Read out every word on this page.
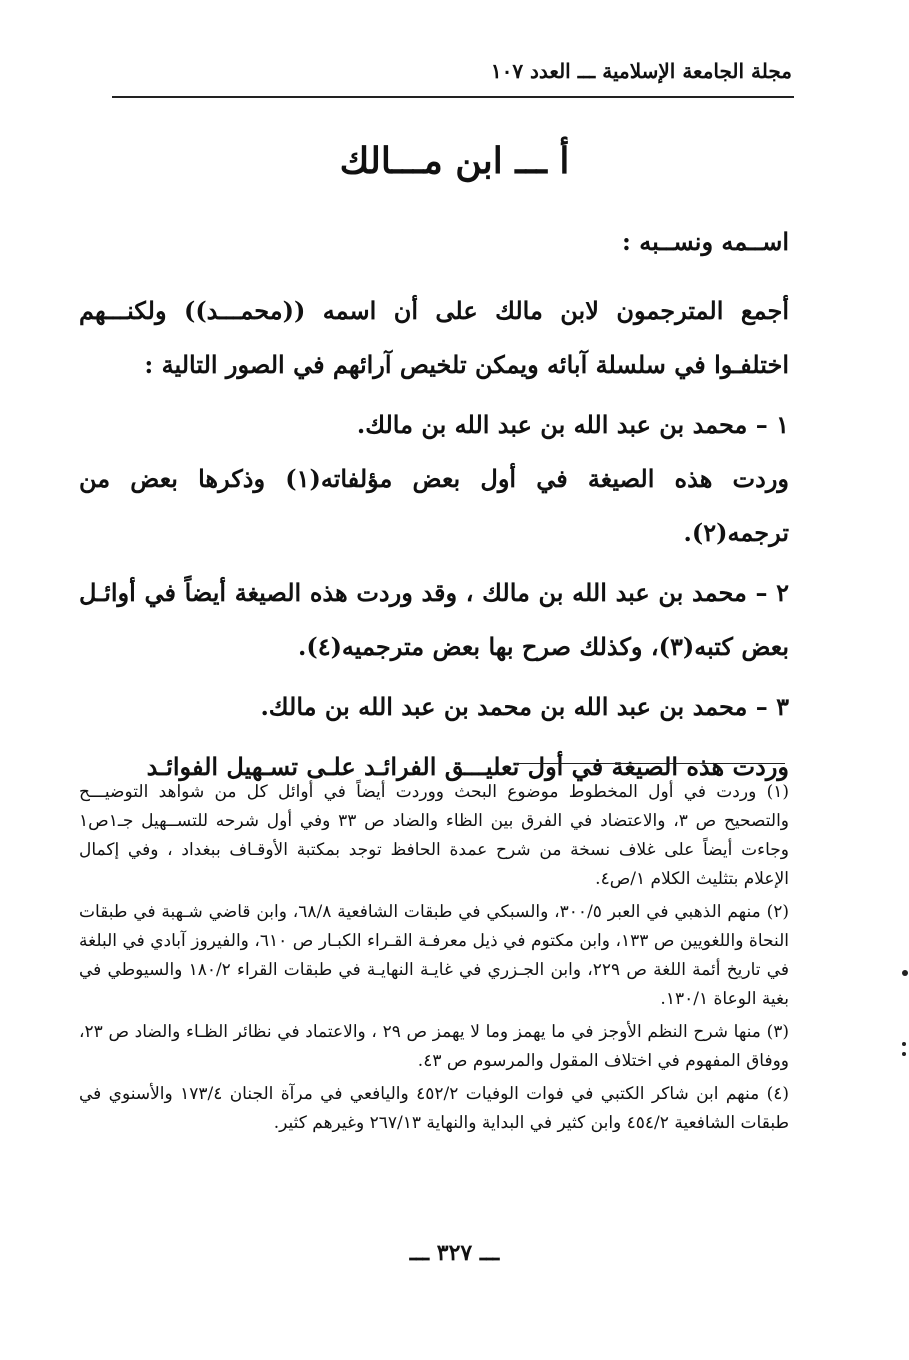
مجلة الجامعة الإسلامية ـــ العدد ١٠٧
أ ـــ ابن مـــالك
اســمه ونســبه :

أجمع المترجمون لابن مالك على أن اسمه ((محمـــد)) ولكنـــهم اختلفـوا في سلسلة آبائه ويمكن تلخيص آرائهم في الصور التالية :

١ – محمد بن عبد الله بن عبد الله بن مالك.

وردت هذه الصيغة في أول بعض مؤلفاته(١) وذكرها بعض من ترجمه(٢).

٢ – محمد بن عبد الله بن مالك ، وقد وردت هذه الصيغة أيضاً في أوائـل بعض كتبه(٣)، وكذلك صرح بها بعض مترجميه(٤).

٣ – محمد بن عبد الله بن محمد بن عبد الله بن مالك.

وردت هذه الصيغة في أول تعليـــق الفرائـد علـى تسـهيل الفوائـد

(١) وردت في أول المخطوط موضوع البحث ووردت أيضاً في أوائل كل من شواهد التوضيـــح والتصحيح ص ٣، والاعتضاد في الفرق بين الظاء والضاد ص ٣٣ وفي أول شرحه للتســهيل جـ١ص١ وجاءت أيضاً على غلاف نسخة من شرح عمدة الحافظ توجد بمكتبة الأوقـاف ببغداد ، وفي إكمال الإعلام بتثليث الكلام ١/ص٤.

(٢) منهم الذهبي في العبر ٣٠٠/٥، والسبكي في طبقات الشافعية ٦٨/٨، وابن قاضي شـهبة في طبقات النحاة واللغويين ص ١٣٣، وابن مكتوم في ذيل معرفـة القـراء الكبـار ص ٦١٠، والفيروز آبادي في البلغة في تاريخ أئمة اللغة ص ٢٢٩، وابن الجـزري في غايـة النهايـة في طبقات القراء ١٨٠/٢ والسيوطي في بغية الوعاة ١٣٠/١.

(٣) منها شرح النظم الأوجز في ما يهمز وما لا يهمز ص ٢٩ ، والاعتماد في نظائر الظـاء والضاد ص ٢٣، ووفاق المفهوم في اختلاف المقول والمرسوم ص ٤٣.

(٤) منهم ابن شاكر الكتبي في فوات الوفيات ٤٥٢/٢ واليافعي في مرآة الجنان ١٧٣/٤ والأسنوي في طبقات الشافعية ٤٥٤/٢ وابن كثير في البداية والنهاية ٢٦٧/١٣ وغيرهم كثير.

ـــ ٣٢٧ ـــ
